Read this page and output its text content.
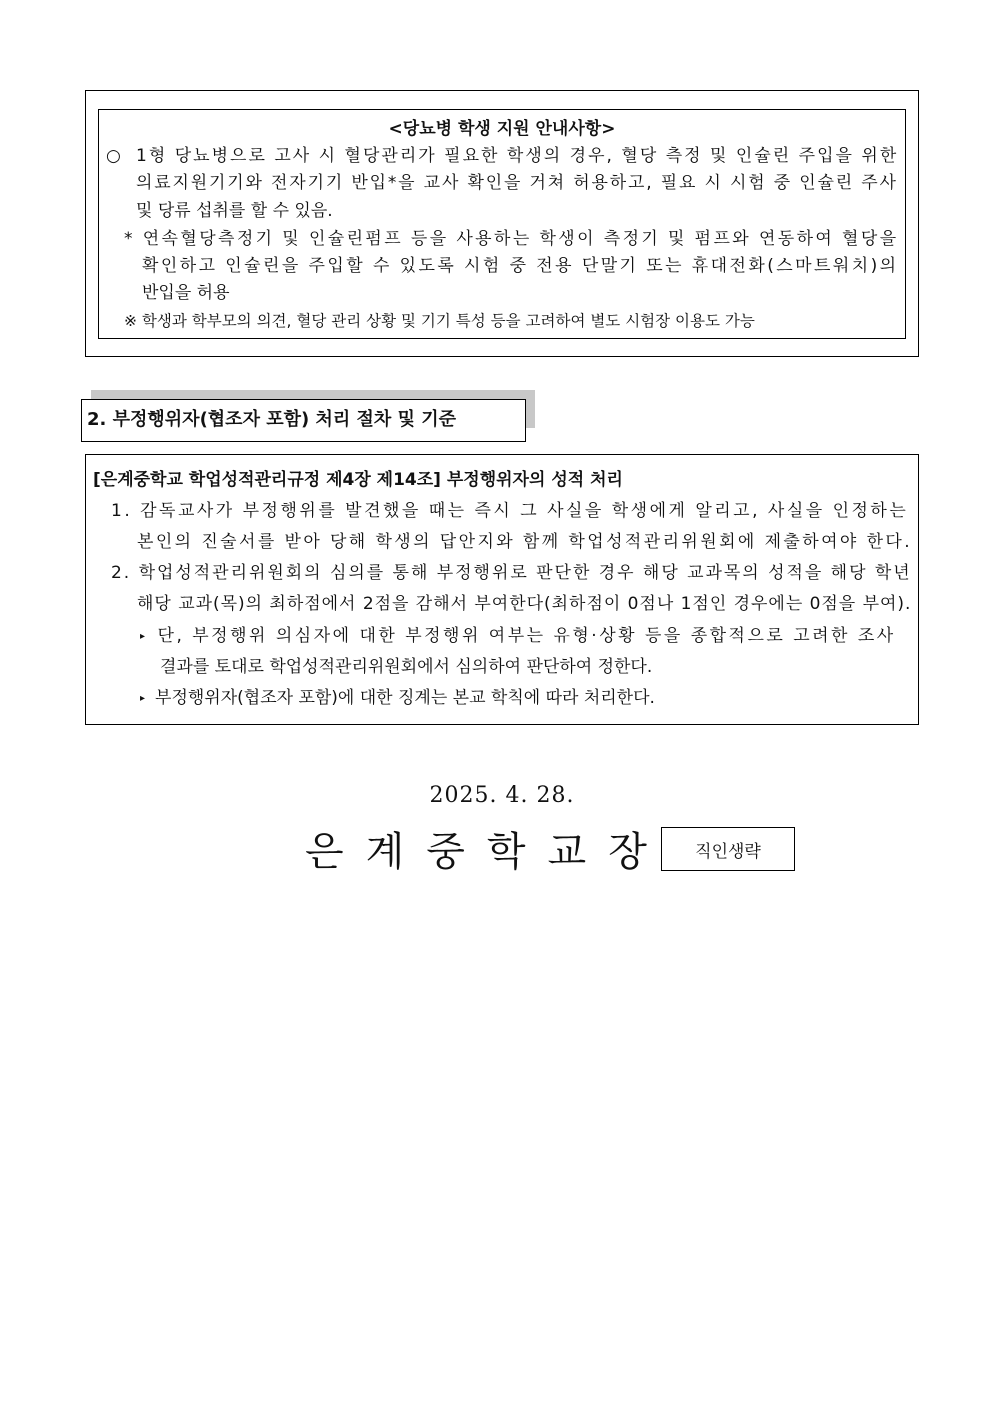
<당뇨병 학생 지원 안내사항>
○ 1형 당뇨병으로 고사 시 혈당관리가 필요한 학생의 경우, 혈당 측정 및 인슐린 주입을 위한
의료지원기기와 전자기기 반입*을 교사 확인을 거쳐 허용하고, 필요 시 시험 중 인슐린 주사
및 당류 섭취를 할 수 있음.
* 연속혈당측정기 및 인슐린펌프 등을 사용하는 학생이 측정기 및 펌프와 연동하여 혈당을
확인하고 인슐린을 주입할 수 있도록 시험 중 전용 단말기 또는 휴대전화(스마트워치)의
반입을 허용
※ 학생과 학부모의 의견, 혈당 관리 상황 및 기기 특성 등을 고려하여 별도 시험장 이용도 가능
2. 부정행위자(협조자 포함) 처리 절차 및 기준
[은계중학교 학업성적관리규정 제4장 제14조] 부정행위자의 성적 처리
1. 감독교사가 부정행위를 발견했을 때는 즉시 그 사실을 학생에게 알리고, 사실을 인정하는
본인의 진술서를 받아 당해 학생의 답안지와 함께 학업성적관리위원회에 제출하여야 한다.
2. 학업성적관리위원회의 심의를 통해 부정행위로 판단한 경우 해당 교과목의 성적을 해당 학년
해당 교과(목)의 최하점에서 2점을 감해서 부여한다(최하점이 0점나 1점인 경우에는 0점을 부여).
▸ 단, 부정행위 의심자에 대한 부정행위 여부는 유형·상황 등을 종합적으로 고려한 조사
결과를 토대로 학업성적관리위원회에서 심의하여 판단하여 정한다.
▸ 부정행위자(협조자 포함)에 대한 징계는 본교 학칙에 따라 처리한다.
2025. 4. 28.
은계중학교장	직인생략
